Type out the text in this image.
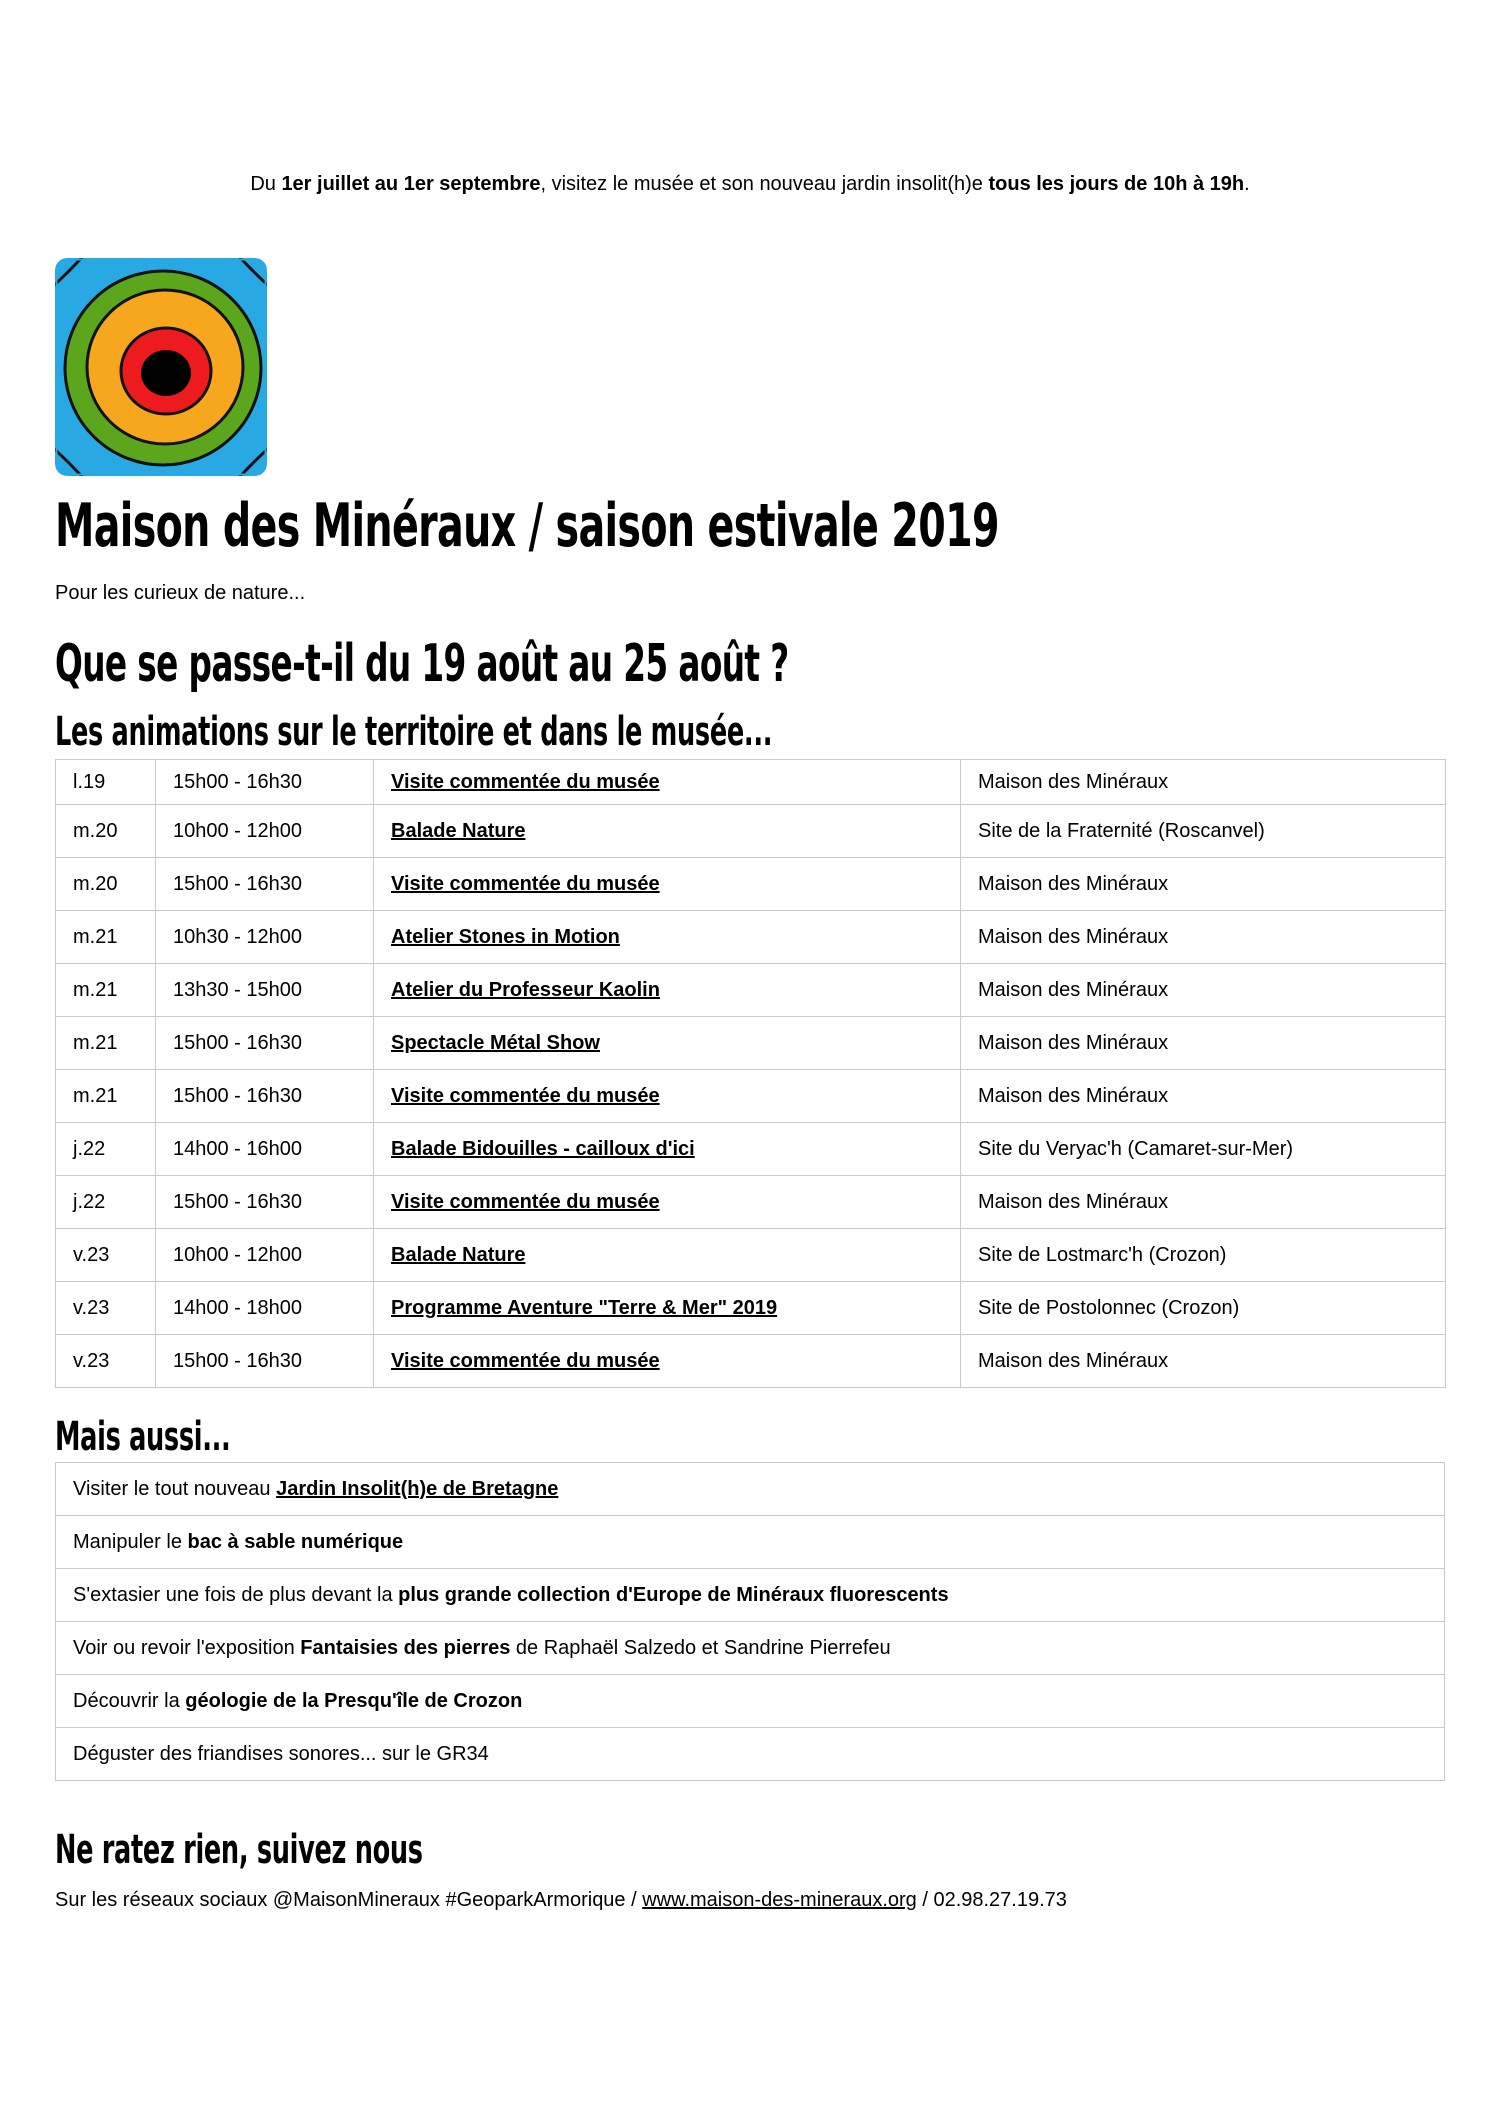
Du 1er juillet au 1er septembre, visitez le musée et son nouveau jardin insolit(h)e tous les jours de 10h à 19h.
Maison des Minéraux / saison estivale 2019

Pour les curieux de nature...

Que se passe-t-il du 19 août au 25 août ?
Les animations sur le territoire et dans le musée...
l.19	15h00 - 16h30	Visite commentée du musée	Maison des Minéraux
m.20	10h00 - 12h00	Balade Nature	Site de la Fraternité (Roscanvel)
m.20	15h00 - 16h30	Visite commentée du musée	Maison des Minéraux
m.21	10h30 - 12h00	Atelier Stones in Motion	Maison des Minéraux
m.21	13h30 - 15h00	Atelier du Professeur Kaolin	Maison des Minéraux
m.21	15h00 - 16h30	Spectacle Métal Show	Maison des Minéraux
m.21	15h00 - 16h30	Visite commentée du musée	Maison des Minéraux
j.22	14h00 - 16h00	Balade Bidouilles - cailloux d'ici	Site du Veryac'h (Camaret-sur-Mer)
j.22	15h00 - 16h30	Visite commentée du musée	Maison des Minéraux
v.23	10h00 - 12h00	Balade Nature	Site de Lostmarc'h (Crozon)
v.23	14h00 - 18h00	Programme Aventure "Terre & Mer" 2019	Site de Postolonnec (Crozon)
v.23	15h00 - 16h30	Visite commentée du musée	Maison des Minéraux
Mais aussi...
Visiter le tout nouveau Jardin Insolit(h)e de Bretagne
Manipuler le bac à sable numérique
S'extasier une fois de plus devant la plus grande collection d'Europe de Minéraux fluorescents
Voir ou revoir l'exposition Fantaisies des pierres de Raphaël Salzedo et Sandrine Pierrefeu
Découvrir la géologie de la Presqu'île de Crozon
Déguster des friandises sonores... sur le GR34
Ne ratez rien, suivez nous

Sur les réseaux sociaux @MaisonMineraux #GeoparkArmorique / www.maison-des-mineraux.org / 02.98.27.19.73
